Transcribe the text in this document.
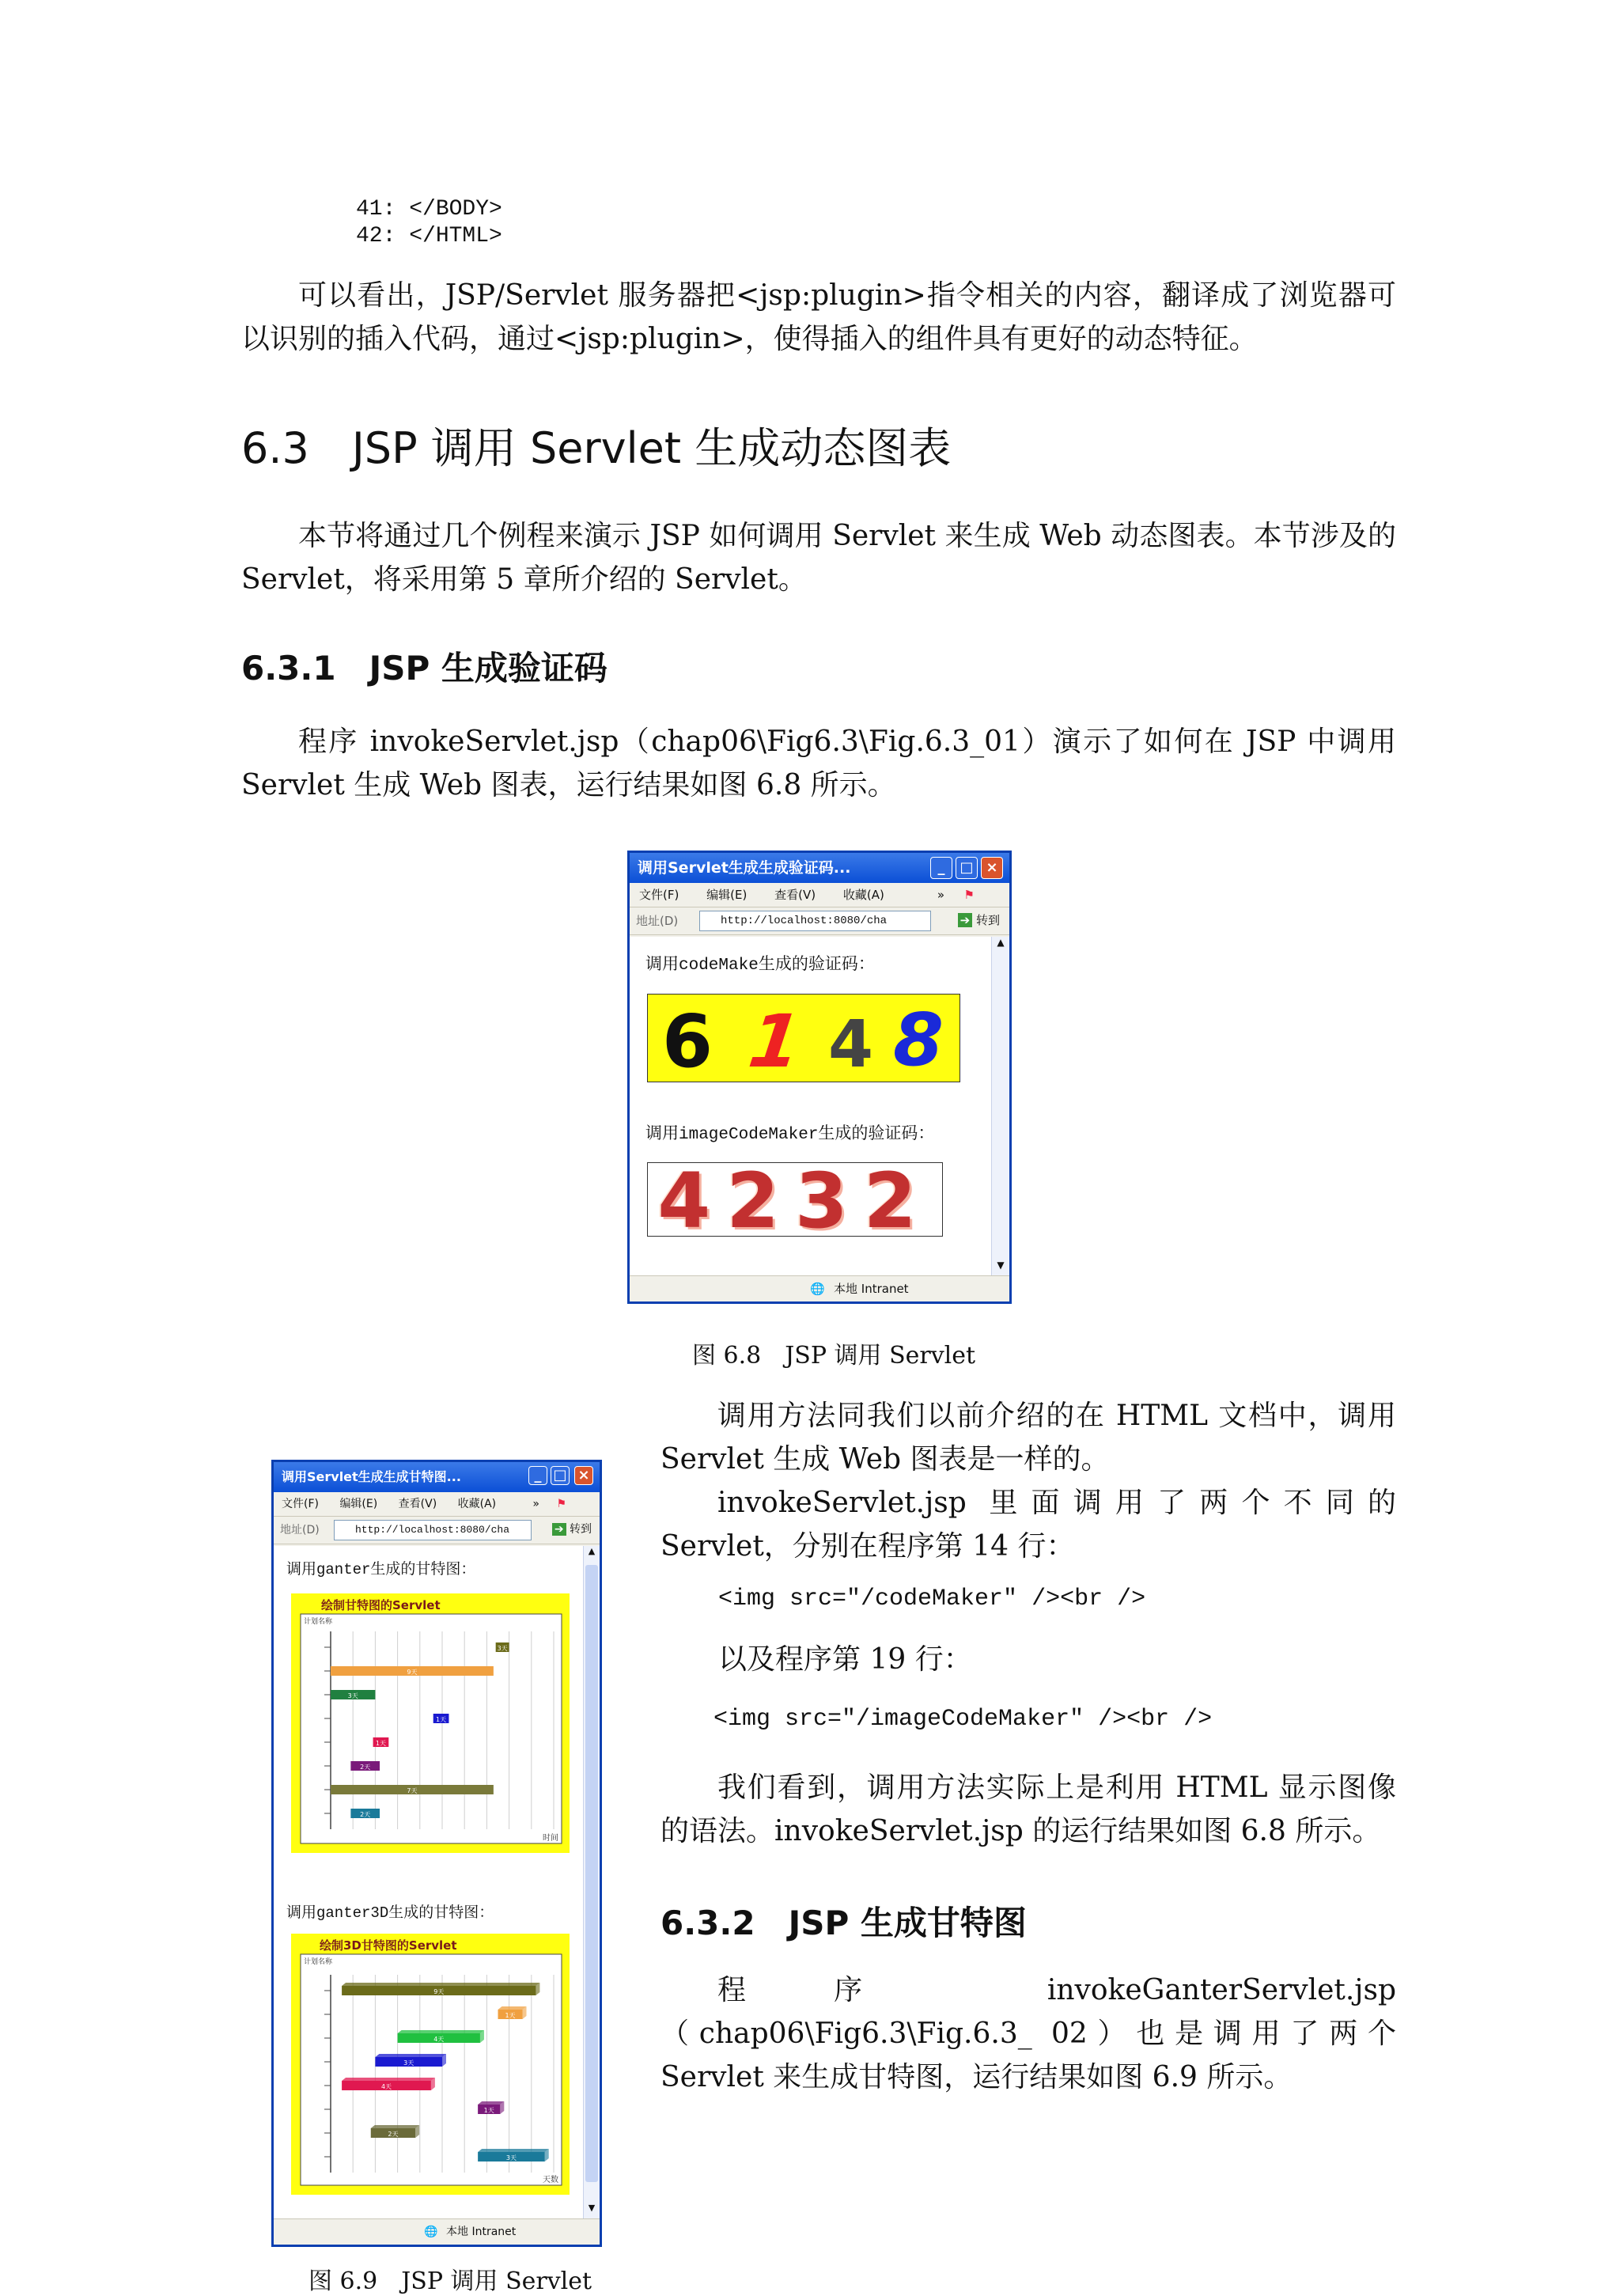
41: </BODY>
42: </HTML>
可以看出，JSP/Servlet 服务器把<jsp:plugin>指令相关的内容，翻译成了浏览器可以识别的插入代码，通过<jsp:plugin>，使得插入的组件具有更好的动态特征。
6.3　JSP 调用 Servlet 生成动态图表
本节将通过几个例程来演示 JSP 如何调用 Servlet 来生成 Web 动态图表。本节涉及的 Servlet，将采用第 5 章所介绍的 Servlet。
6.3.1　JSP 生成验证码
程序 invokeServlet.jsp（chap06\Fig6.3\Fig.6.3_01）演示了如何在 JSP 中调用 Servlet 生成 Web 图表，运行结果如图 6.8 所示。
调用Servlet生成生成验证码...	_	□ ×
文件(F) 编辑(E) 查看(V) 收藏(A)	» ⚑
地址(D)	http://localhost:8080/cha	➔ 转到
调用codeMake生成的验证码：
6 1 4 8
调用imageCodeMaker生成的验证码：
4232
▲
▼
🌐 本地 Intranet
图 6.8　JSP 调用 Servlet
调用方法同我们以前介绍的在 HTML 文档中，调用 Servlet 生成 Web 图表是一样的。
invokeServlet.jsp 里面调用了两个不同的 Servlet，分别在程序第 14 行：
<img src="/codeMaker" /><br />
以及程序第 19 行：
<img src="/imageCodeMaker" /><br />
我们看到，调用方法实际上是利用 HTML 显示图像的语法。invokeServlet.jsp 的运行结果如图 6.8 所示。
6.3.2　JSP 生成甘特图
程序 invokeGanterServlet.jsp（chap06\Fig6.3\Fig.6.3_ 02）也是调用了两个 Servlet 来生成甘特图，运行结果如图 6.9 所示。
调用Servlet生成生成甘特图...	_ □ ×
文件(F) 编辑(E) 查看(V) 收藏(A)	» ⚑
地址(D)	http://localhost:8080/cha	➔ 转到
调用ganter生成的甘特图：
绘制甘特图的Servlet
计划名称
时间
3天
9天
3天
1天
1天
2天
7天
2天
调用ganter3D生成的甘特图：
绘制3D甘特图的Servlet
计划名称
天数
9天
1天
4天
3天
4天
1天
2天
3天
▲
▼
🌐 本地 Intranet
图 6.9　JSP 调用 Servlet
